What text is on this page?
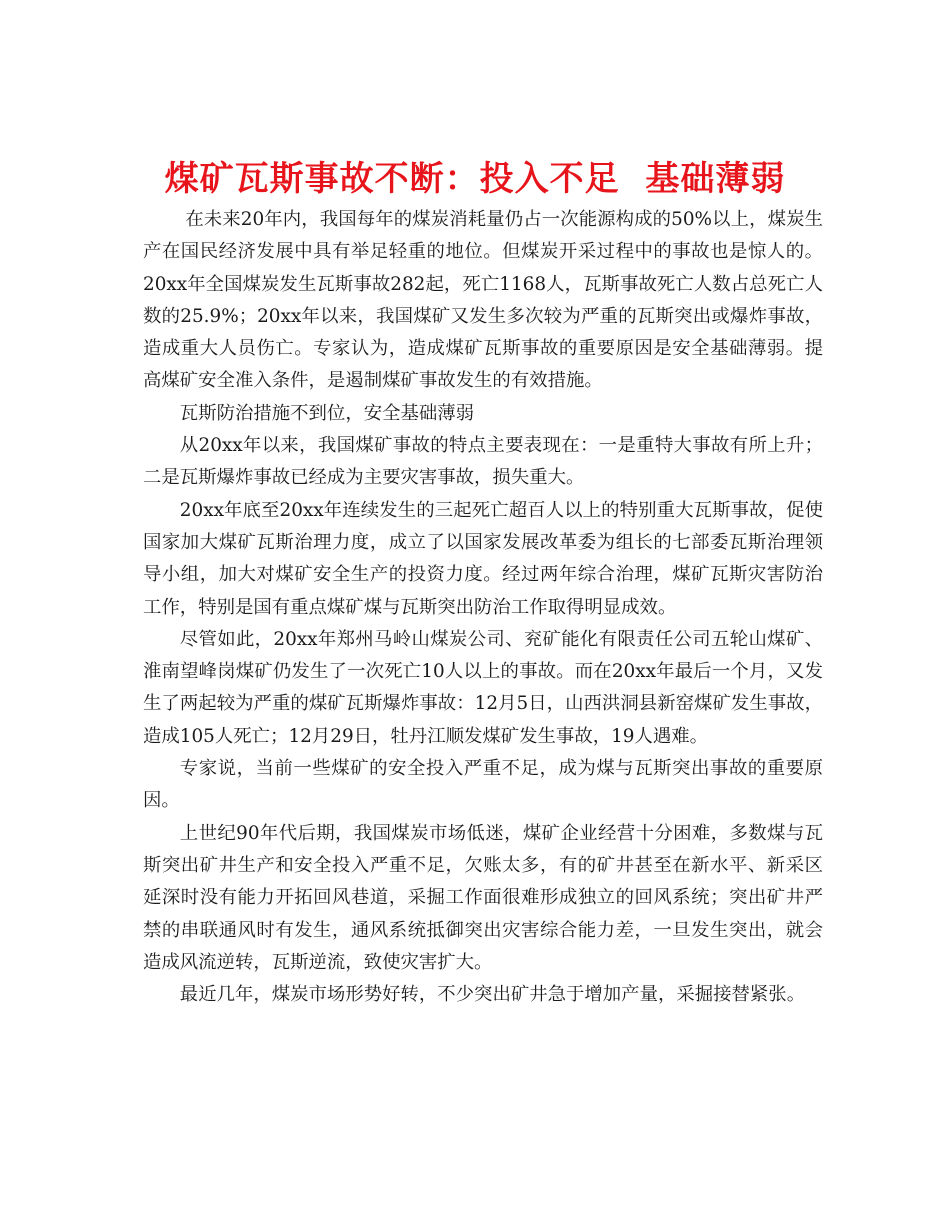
煤矿瓦斯事故不断：投入不足  基础薄弱

在未来20年内，我国每年的煤炭消耗量仍占一次能源构成的50%以上，煤炭生产在国民经济发展中具有举足轻重的地位。但煤炭开采过程中的事故也是惊人的。20xx年全国煤炭发生瓦斯事故282起，死亡1168人，瓦斯事故死亡人数占总死亡人数的25.9%；20xx年以来，我国煤矿又发生多次较为严重的瓦斯突出或爆炸事故，造成重大人员伤亡。专家认为，造成煤矿瓦斯事故的重要原因是安全基础薄弱。提高煤矿安全准入条件，是遏制煤矿事故发生的有效措施。

瓦斯防治措施不到位，安全基础薄弱

从20xx年以来，我国煤矿事故的特点主要表现在：一是重特大事故有所上升；二是瓦斯爆炸事故已经成为主要灾害事故，损失重大。

20xx年底至20xx年连续发生的三起死亡超百人以上的特别重大瓦斯事故，促使国家加大煤矿瓦斯治理力度，成立了以国家发展改革委为组长的七部委瓦斯治理领导小组，加大对煤矿安全生产的投资力度。经过两年综合治理，煤矿瓦斯灾害防治工作，特别是国有重点煤矿煤与瓦斯突出防治工作取得明显成效。

尽管如此，20xx年郑州马岭山煤炭公司、兖矿能化有限责任公司五轮山煤矿、淮南望峰岗煤矿仍发生了一次死亡10人以上的事故。而在20xx年最后一个月，又发生了两起较为严重的煤矿瓦斯爆炸事故：12月5日，山西洪洞县新窑煤矿发生事故，造成105人死亡；12月29日，牡丹江顺发煤矿发生事故，19人遇难。

专家说，当前一些煤矿的安全投入严重不足，成为煤与瓦斯突出事故的重要原因。

上世纪90年代后期，我国煤炭市场低迷，煤矿企业经营十分困难，多数煤与瓦斯突出矿井生产和安全投入严重不足，欠账太多，有的矿井甚至在新水平、新采区延深时没有能力开拓回风巷道，采掘工作面很难形成独立的回风系统；突出矿井严禁的串联通风时有发生，通风系统抵御突出灾害综合能力差，一旦发生突出，就会造成风流逆转，瓦斯逆流，致使灾害扩大。

最近几年，煤炭市场形势好转，不少突出矿井急于增加产量，采掘接替紧张。
